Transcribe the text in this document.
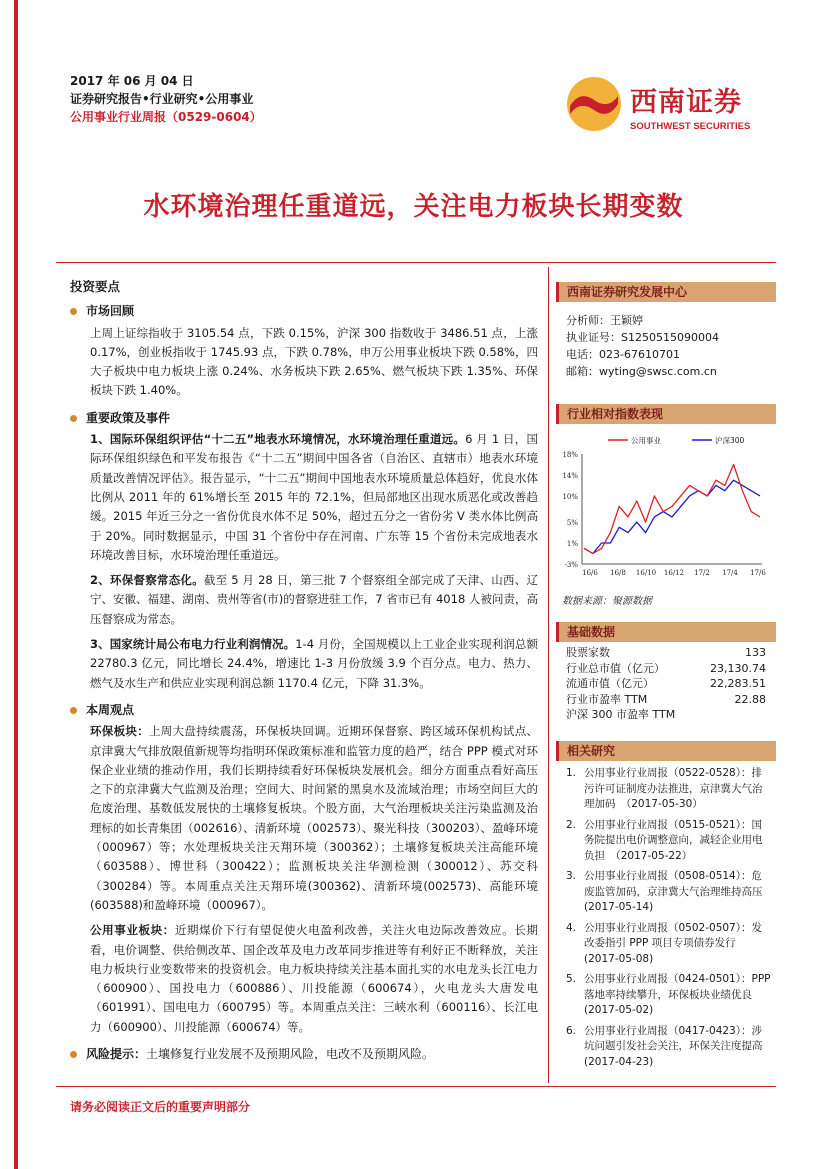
2017 年 06 月 04 日
证券研究报告•行业研究•公用事业
公用事业行业周报（0529-0604）	西南证券
SOUTHWEST SECURITIES
水环境治理任重道远，关注电力板块长期变数

投资要点

市场回顾

上周上证综指收于 3105.54 点，下跌 0.15%，沪深 300 指数收于 3486.51 点，上涨 0.17%，创业板指收于 1745.93 点，下跌 0.78%，申万公用事业板块下跌 0.58%，四大子板块中电力板块上涨 0.24%、水务板块下跌 2.65%、燃气板块下跌 1.35%、环保板块下跌 1.40%。

重要政策及事件

1、国际环保组织评估“十二五”地表水环境情况，水环境治理任重道远。6 月 1 日，国际环保组织绿色和平发布报告《“十二五”期间中国各省（自治区、直辖市）地表水环境质量改善情况评估》。报告显示，“十二五”期间中国地表水环境质量总体趋好，优良水体比例从 2011 年的 61%增长至 2015 年的 72.1%，但局部地区出现水质恶化或改善趋缓。2015 年近三分之一省份优良水体不足 50%，超过五分之一省份劣 V 类水体比例高于 20%。同时数据显示，中国 31 个省份中存在河南、广东等 15 个省份未完成地表水环境改善目标，水环境治理任重道远。

2、环保督察常态化。截至 5 月 28 日，第三批 7 个督察组全部完成了天津、山西、辽宁、安徽、福建、湖南、贵州等省(市)的督察进驻工作，7 省市已有 4018 人被问责，高压督察成为常态。

3、国家统计局公布电力行业利润情况。1-4 月份，全国规模以上工业企业实现利润总额 22780.3 亿元，同比增长 24.4%，增速比 1-3 月份放缓 3.9 个百分点。电力、热力、燃气及水生产和供应业实现利润总额 1170.4 亿元，下降 31.3%。

本周观点

环保板块：上周大盘持续震荡，环保板块回调。近期环保督察、跨区域环保机构试点、京津冀大气排放限值新规等均指明环保政策标准和监管力度的趋严，结合 PPP 模式对环保企业业绩的推动作用，我们长期持续看好环保板块发展机会。细分方面重点看好高压之下的京津冀大气监测及治理；空间大、时间紧的黑臭水及流域治理；市场空间巨大的危废治理、基数低发展快的土壤修复板块。个股方面，大气治理板块关注污染监测及治理标的如长青集团（002616）、清新环境（002573）、聚光科技（300203）、盈峰环境（000967）等；水处理板块关注天翔环境（300362）；土壤修复板块关注高能环境（603588）、博世科（300422）；监测板块关注华测检测（300012）、苏交科（300284）等。本周重点关注天翔环境(300362)、清新环境(002573)、高能环境(603588)和盈峰环境（000967）。

公用事业板块：近期煤价下行有望促使火电盈利改善，关注火电边际改善效应。长期看，电价调整、供给侧改革、国企改革及电力改革同步推进等有利好正不断释放，关注电力板块行业变数带来的投资机会。电力板块持续关注基本面扎实的水电龙头长江电力（600900）、国投电力（600886）、川投能源（600674），火电龙头大唐发电（601991）、国电电力（600795）等。本周重点关注：三峡水利（600116）、长江电力（600900）、川投能源（600674）等。

风险提示：土壤修复行业发展不及预期风险，电改不及预期风险。
西南证券研究发展中心
分析师：王颖婷
执业证号：S1250515090004
电话：023-67610701
邮箱：wyting@swsc.com.cn
行业相对指数表现
18%
14%
10%
5%
1%
-3%
16/6 16/8 16/10 16/12 17/2 17/4 17/6
公用事业	沪深300
数据来源：聚源数据
基础数据
股票家数	133
行业总市值（亿元）	23,130.74
流通市值（亿元）	22,283.51
行业市盈率 TTM	22.88
沪深 300 市盈率 TTM
相关研究
1. 公用事业行业周报（0522-0528）：排
污许可证制度办法推进，京津冀大气治
理加码　（2017-05-30）
2. 公用事业行业周报（0515-0521）：国
务院提出电价调整意向，减轻企业用电
负担　（2017-05-22）
3. 公用事业行业周报（0508-0514）：危
废监管加码，京津冀大气治理维持高压
(2017-05-14)
4. 公用事业行业周报（0502-0507）：发
改委指引 PPP 项目专项债券发行
(2017-05-08)
5. 公用事业行业周报（0424-0501）：PPP
落地率持续攀升，环保板块业绩优良
(2017-05-02)
6. 公用事业行业周报（0417-0423）：涉
坑问题引发社会关注，环保关注度提高
(2017-04-23)
请务必阅读正文后的重要声明部分
